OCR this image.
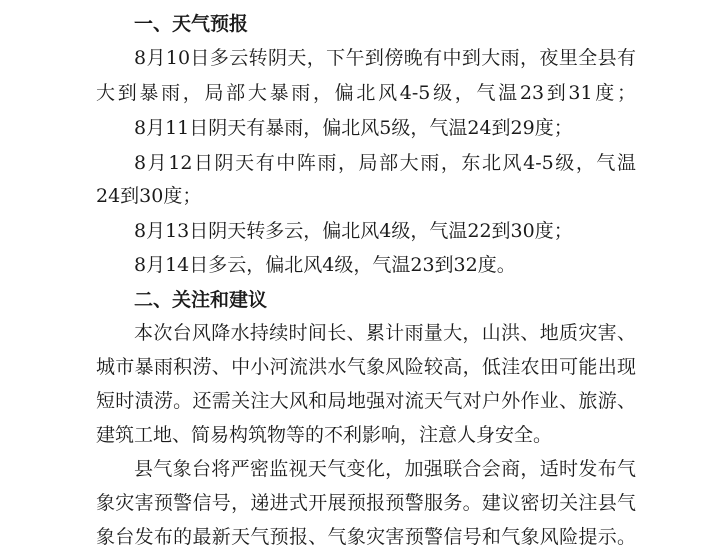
一、天气预报
8月10日多云转阴天，下午到傍晚有中到大雨，夜里全县有
大到暴雨，局部大暴雨，偏北风4-5级，气温23到31度；
8月11日阴天有暴雨，偏北风5级，气温24到29度；
8月12日阴天有中阵雨，局部大雨，东北风4-5级，气温
24到30度；
8月13日阴天转多云，偏北风4级，气温22到30度；
8月14日多云，偏北风4级，气温23到32度。
二、关注和建议
本次台风降水持续时间长、累计雨量大，山洪、地质灾害、
城市暴雨积涝、中小河流洪水气象风险较高，低洼农田可能出现
短时渍涝。还需关注大风和局地强对流天气对户外作业、旅游、
建筑工地、简易构筑物等的不利影响，注意人身安全。
县气象台将严密监视天气变化，加强联合会商，适时发布气
象灾害预警信号，递进式开展预报预警服务。建议密切关注县气
象台发布的最新天气预报、气象灾害预警信号和气象风险提示。
